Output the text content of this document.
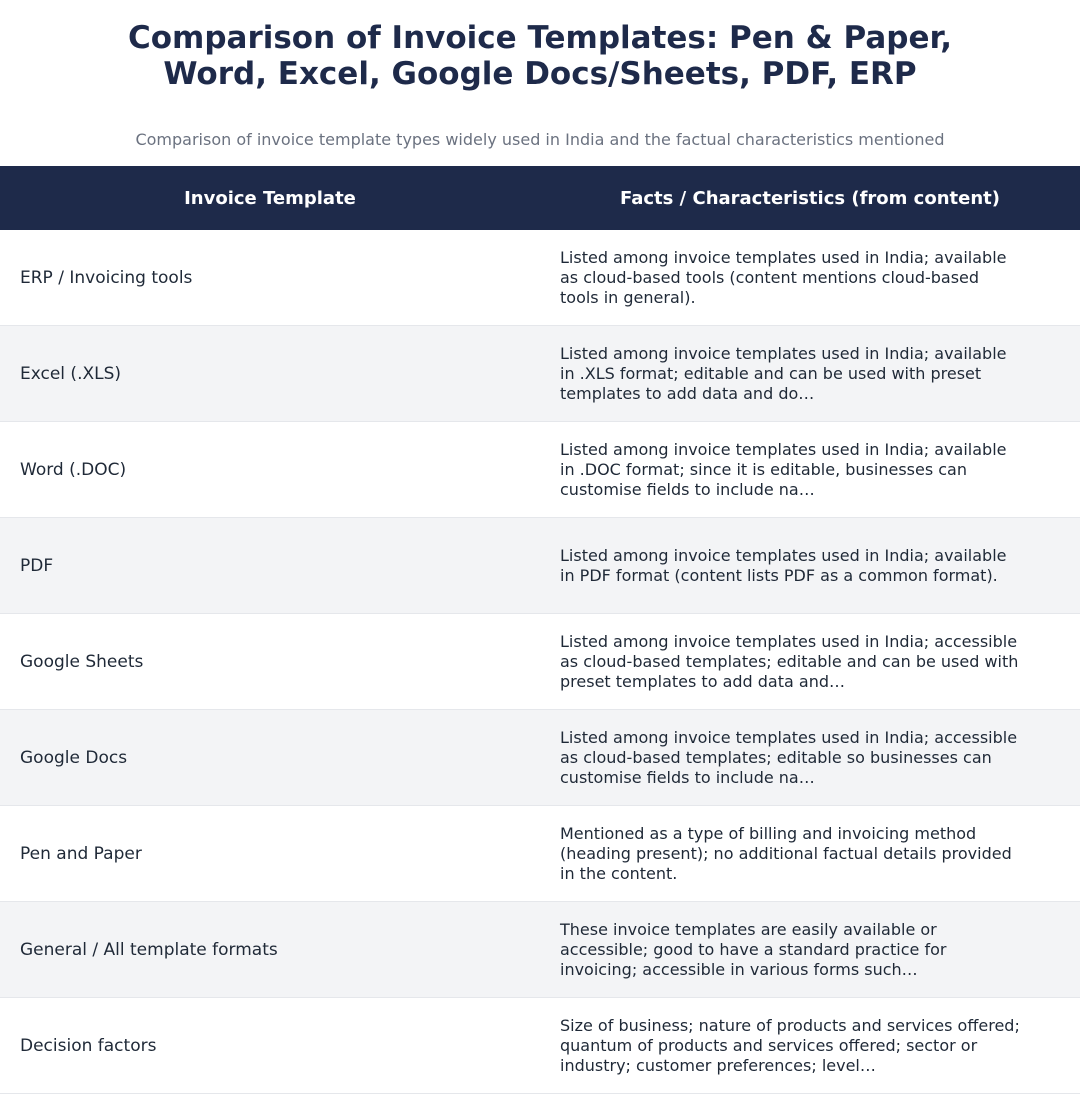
Comparison of Invoice Templates: Pen & Paper,
Word, Excel, Google Docs/Sheets, PDF, ERP
Comparison of invoice template types widely used in India and the factual characteristics mentioned
Invoice Template	Facts / Characteristics (from content)
ERP / Invoicing tools
Listed among invoice templates used in India; available as cloud-based tools (content mentions cloud-based tools in general).
Excel (.XLS)
Listed among invoice templates used in India; available in .XLS format; editable and can be used with preset templates to add data and do…
Word (.DOC)
Listed among invoice templates used in India; available in .DOC format; since it is editable, businesses can customise fields to include na…
PDF
Listed among invoice templates used in India; available in PDF format (content lists PDF as a common format).
Google Sheets
Listed among invoice templates used in India; accessible as cloud-based templates; editable and can be used with preset templates to add data and…
Google Docs
Listed among invoice templates used in India; accessible as cloud-based templates; editable so businesses can customise fields to include na…
Pen and Paper
Mentioned as a type of billing and invoicing method (heading present); no additional factual details provided in the content.
General / All template formats
These invoice templates are easily available or accessible; good to have a standard practice for invoicing; accessible in various forms such…
Decision factors
Size of business; nature of products and services offered; quantum of products and services offered; sector or industry; customer preferences; level…
